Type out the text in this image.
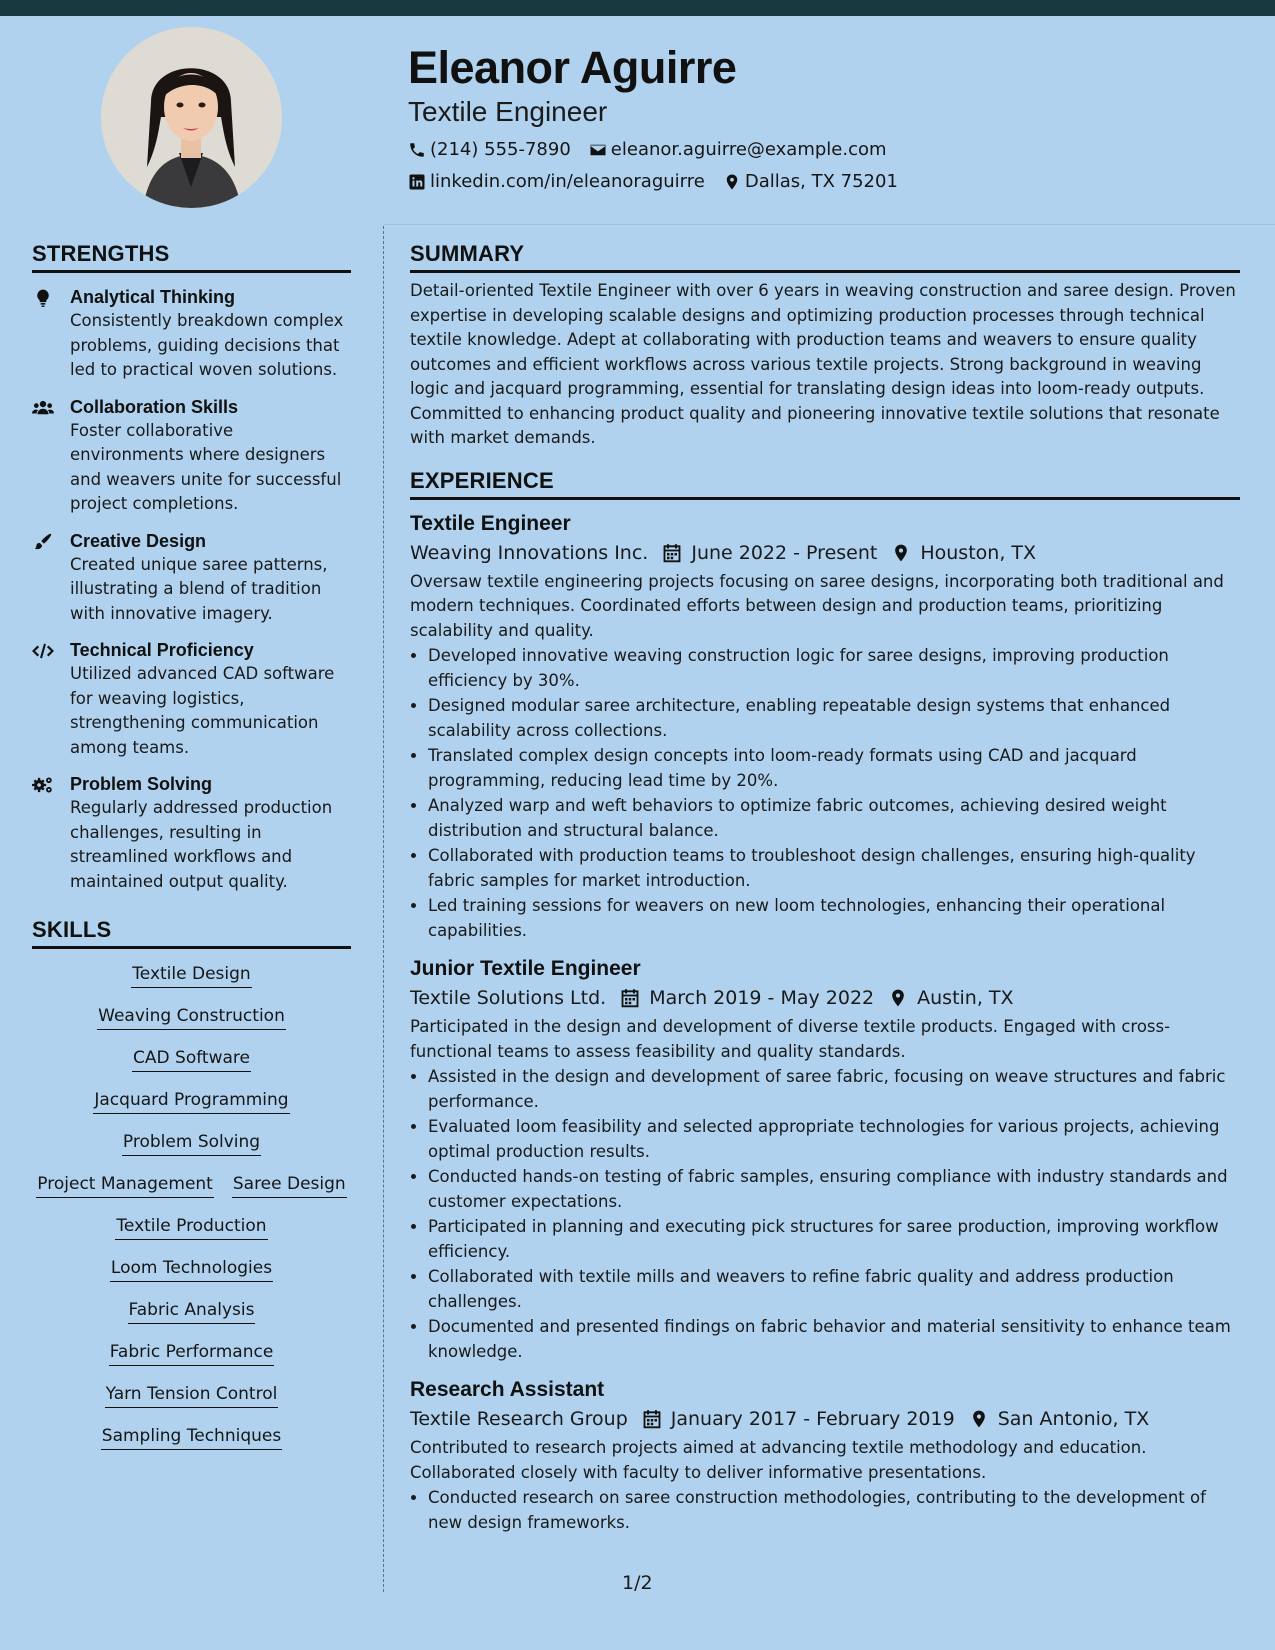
Eleanor Aguirre
Textile Engineer
(214) 555-7890 eleanor.aguirre@example.com
linkedin.com/in/eleanoraguirre Dallas, TX 75201
STRENGTHS
Analytical Thinking
Consistently breakdown complex problems, guiding decisions that led to practical woven solutions.
Collaboration Skills
Foster collaborative environments where designers and weavers unite for successful project completions.
Creative Design
Created unique saree patterns, illustrating a blend of tradition with innovative imagery.
Technical Proficiency
Utilized advanced CAD software for weaving logistics, strengthening communication among teams.
Problem Solving
Regularly addressed production challenges, resulting in streamlined workflows and maintained output quality.
SKILLS
Textile Design
Weaving Construction
CAD Software
Jacquard Programming
Problem Solving
Project Management Saree Design
Textile Production
Loom Technologies
Fabric Analysis
Fabric Performance
Yarn Tension Control
Sampling Techniques
SUMMARY

Detail-oriented Textile Engineer with over 6 years in weaving construction and saree design. Proven expertise in developing scalable designs and optimizing production processes through technical textile knowledge. Adept at collaborating with production teams and weavers to ensure quality outcomes and efficient workflows across various textile projects. Strong background in weaving logic and jacquard programming, essential for translating design ideas into loom-ready outputs. Committed to enhancing product quality and pioneering innovative textile solutions that resonate with market demands.

EXPERIENCE
Textile Engineer
Weaving Innovations Inc. June 2022 - Present Houston, TX

Oversaw textile engineering projects focusing on saree designs, incorporating both traditional and modern techniques. Coordinated efforts between design and production teams, prioritizing scalability and quality.

• Developed innovative weaving construction logic for saree designs, improving production efficiency by 30%.
• Designed modular saree architecture, enabling repeatable design systems that enhanced scalability across collections.
• Translated complex design concepts into loom-ready formats using CAD and jacquard programming, reducing lead time by 20%.
• Analyzed warp and weft behaviors to optimize fabric outcomes, achieving desired weight distribution and structural balance.
• Collaborated with production teams to troubleshoot design challenges, ensuring high-quality fabric samples for market introduction.
• Led training sessions for weavers on new loom technologies, enhancing their operational capabilities.
Junior Textile Engineer
Textile Solutions Ltd. March 2019 - May 2022 Austin, TX

Participated in the design and development of diverse textile products. Engaged with cross-functional teams to assess feasibility and quality standards.

• Assisted in the design and development of saree fabric, focusing on weave structures and fabric performance.
• Evaluated loom feasibility and selected appropriate technologies for various projects, achieving optimal production results.
• Conducted hands-on testing of fabric samples, ensuring compliance with industry standards and customer expectations.
• Participated in planning and executing pick structures for saree production, improving workflow efficiency.
• Collaborated with textile mills and weavers to refine fabric quality and address production challenges.
• Documented and presented findings on fabric behavior and material sensitivity to enhance team knowledge.
Research Assistant
Textile Research Group January 2017 - February 2019 San Antonio, TX

Contributed to research projects aimed at advancing textile methodology and education. Collaborated closely with faculty to deliver informative presentations.

• Conducted research on saree construction methodologies, contributing to the development of new design frameworks.
1/2
